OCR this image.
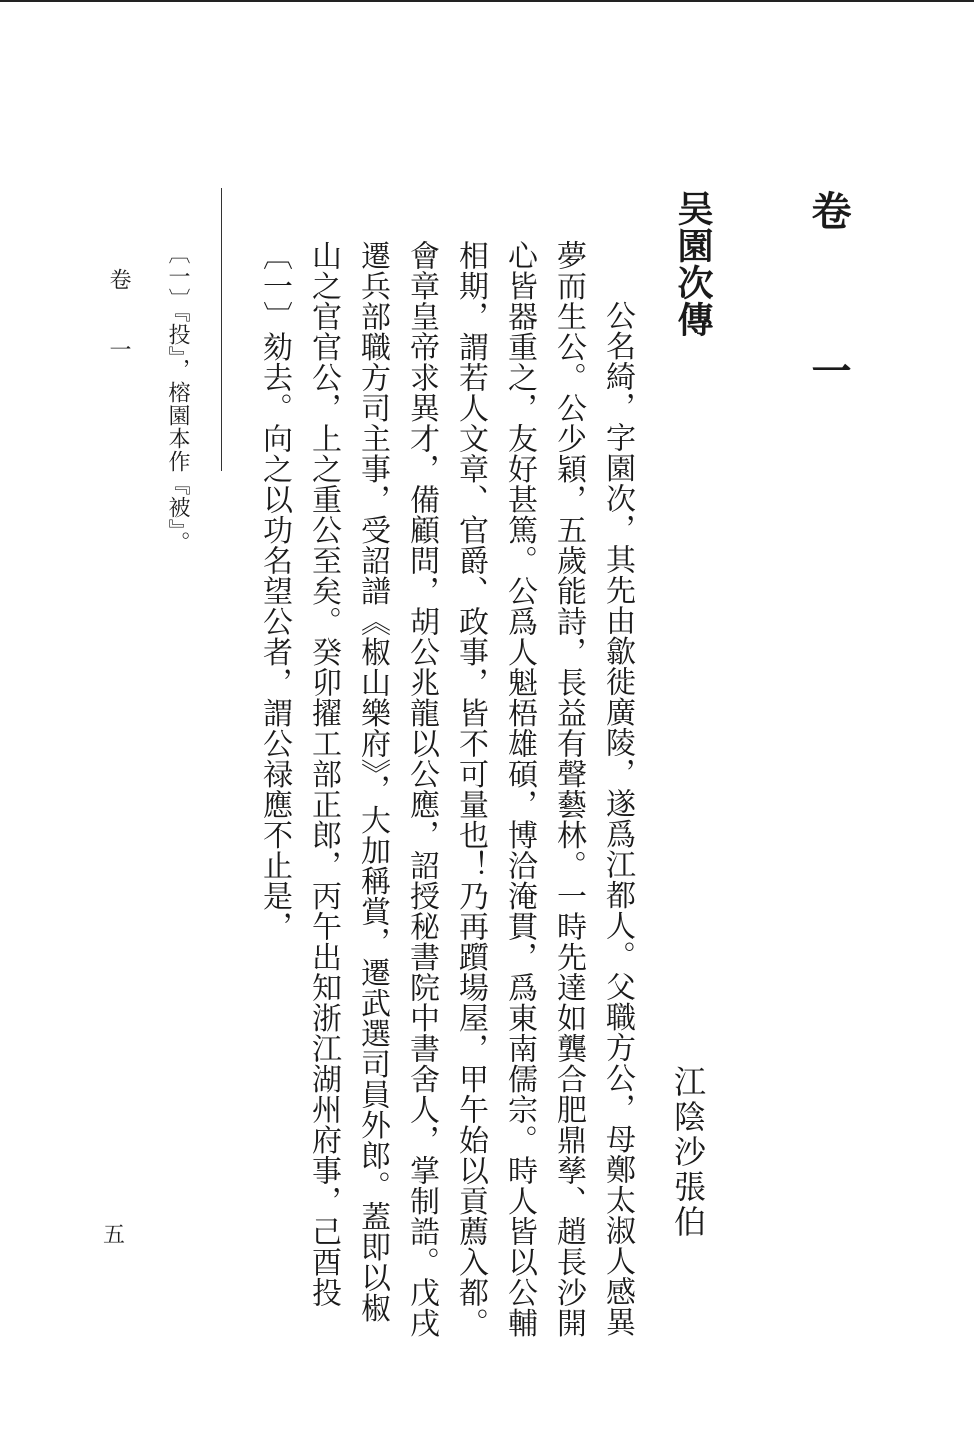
卷　一
吴園次傳
江陰沙張伯

公名綺，字園次，其先由歙徙廣陵，遂爲江都人。父職方公，母鄭太淑人感異夢而生公。公少穎，五歲能詩，長益有聲藝林。一時先達如龔合肥鼎孳、趙長沙開心皆器重之，友好甚篤。公爲人魁梧雄碩，博洽淹貫，爲東南儒宗。時人皆以公輔相期，謂若人文章、官爵、政事，皆不可量也！乃再躓場屋，甲午始以貢薦入都。會章皇帝求異才，備顧問，胡公兆龍以公應，詔授秘書院中書舍人，掌制誥。戊戌遷兵部職方司主事，受詔譜《椒山樂府》，大加稱賞，遷武選司員外郎。蓋即以椒山之官官公，上之重公至矣。癸卯擢工部正郎，丙午出知浙江湖州府事，己酉投〔一〕劾去。向之以功名望公者，謂公禄應不止是，

〔一〕『投』，榕園本作『被』。
卷一
五
